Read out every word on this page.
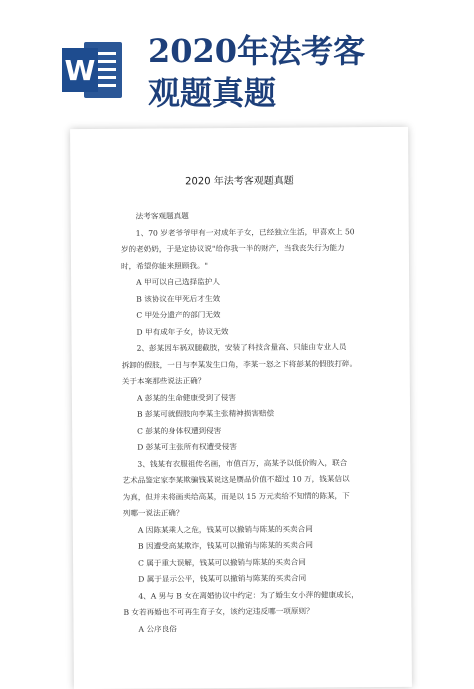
W 2020年法考客
观题真题
2020 年法考客观题真题

法考客观题真题

1、70 岁老爷爷甲有一对成年子女，已经独立生活，甲喜欢上 50

岁的老奶奶，于是定协议说"给你我一半的财产，当我丧失行为能力

时，希望你能来照顾我。"

A 甲可以自己选择监护人

B 该协议在甲死后才生效

C 甲处分遗产的部门无效

D 甲有成年子女，协议无效

2、彭某因车祸双腿截肢，安装了科技含量高、只能由专业人员

拆卸的假肢，一日与李某发生口角，李某一怒之下将彭某的假肢打碎。

关于本案那些说法正确？

A 彭某的生命健康受到了侵害

B 彭某可就假肢向李某主张精神损害赔偿

C 彭某的身体权遭到侵害

D 彭某可主张所有权遭受侵害

3、钱某有衣服祖传名画，市值百万，高某予以低价购入，联合

艺术品鉴定家李某欺骗钱某说这是赝品价值不超过 10 万，钱某信以

为真，但并未将画卖给高某，而是以 15 万元卖给不知情的陈某，下

列哪一说法正确？

A 因陈某乘人之危，钱某可以撤销与陈某的买卖合同

B 因遭受高某欺诈，钱某可以撤销与陈某的买卖合同

C 属于重大误解，钱某可以撤销与陈某的买卖合同

D 属于显示公平，钱某可以撤销与陈某的买卖合同

4、A 男与 B 女在离婚协议中约定：为了婚生女小萍的健康成长，

B 女若再婚也不可再生育子女，该约定违反哪一项原则？

A 公序良俗
